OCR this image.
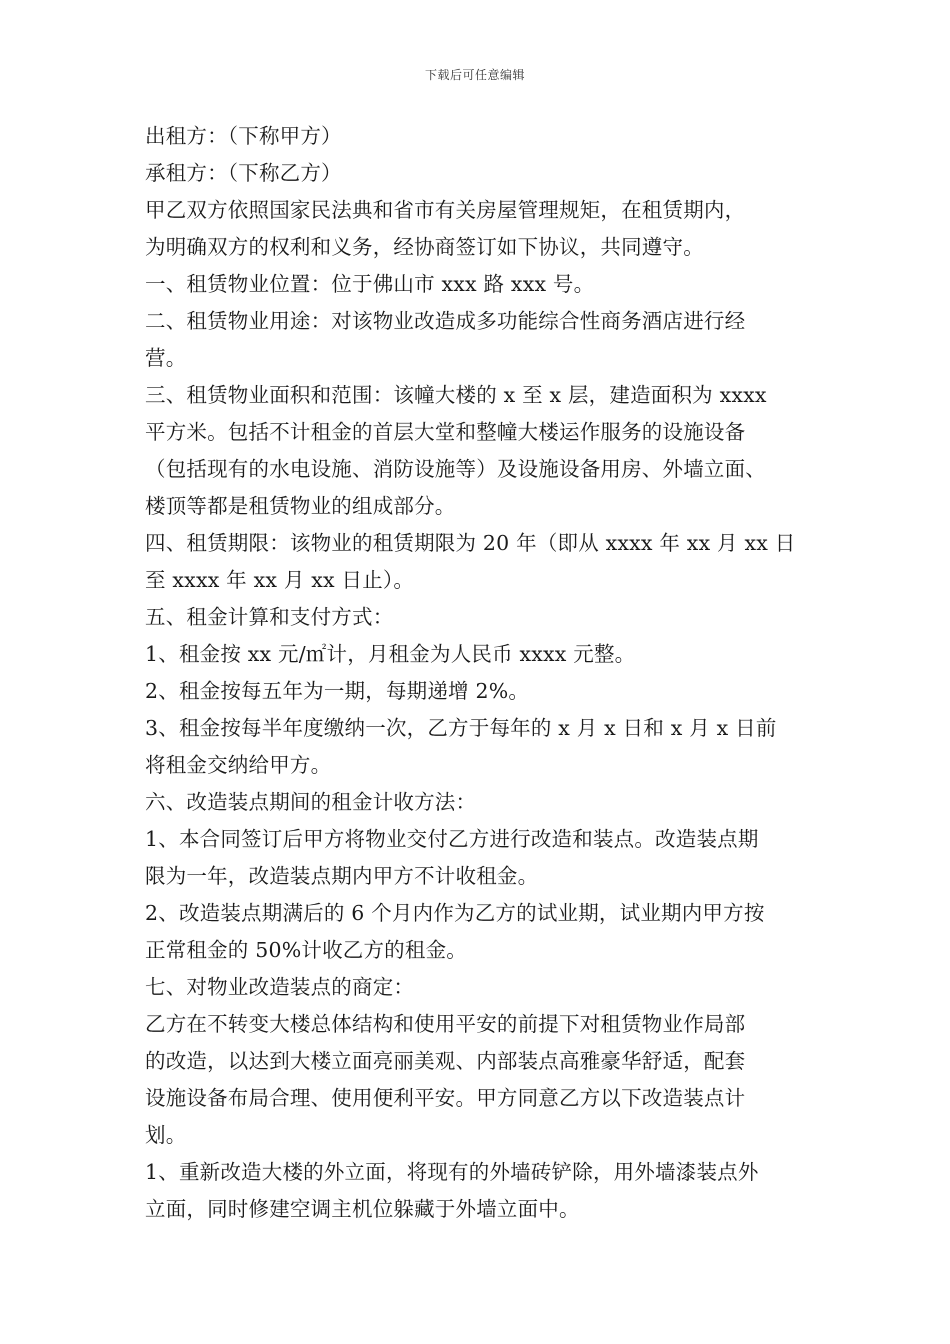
下载后可任意编辑
出租方：（下称甲方）
承租方：（下称乙方）
甲乙双方依照国家民法典和省市有关房屋管理规矩，在租赁期内，
为明确双方的权利和义务，经协商签订如下协议，共同遵守。
一、租赁物业位置：位于佛山市 xxx 路 xxx 号。
二、租赁物业用途：对该物业改造成多功能综合性商务酒店进行经
营。
三、租赁物业面积和范围：该幢大楼的 x 至 x 层，建造面积为 xxxx
平方米。包括不计租金的首层大堂和整幢大楼运作服务的设施设备
（包括现有的水电设施、消防设施等）及设施设备用房、外墙立面、
楼顶等都是租赁物业的组成部分。
四、租赁期限：该物业的租赁期限为 20 年（即从 xxxx 年 xx 月 xx 日
至 xxxx 年 xx 月 xx 日止）。
五、租金计算和支付方式：
1、租金按 xx 元/㎡计，月租金为人民币 xxxx 元整。
2、租金按每五年为一期，每期递增 2%。
3、租金按每半年度缴纳一次，乙方于每年的 x 月 x 日和 x 月 x 日前
将租金交纳给甲方。
六、改造装点期间的租金计收方法：
1、本合同签订后甲方将物业交付乙方进行改造和装点。改造装点期
限为一年，改造装点期内甲方不计收租金。
2、改造装点期满后的 6 个月内作为乙方的试业期，试业期内甲方按
正常租金的 50%计收乙方的租金。
七、对物业改造装点的商定：
乙方在不转变大楼总体结构和使用平安的前提下对租赁物业作局部
的改造，以达到大楼立面亮丽美观、内部装点高雅豪华舒适，配套
设施设备布局合理、使用便利平安。甲方同意乙方以下改造装点计
划。
1、重新改造大楼的外立面，将现有的外墙砖铲除，用外墙漆装点外
立面，同时修建空调主机位躲藏于外墙立面中。
